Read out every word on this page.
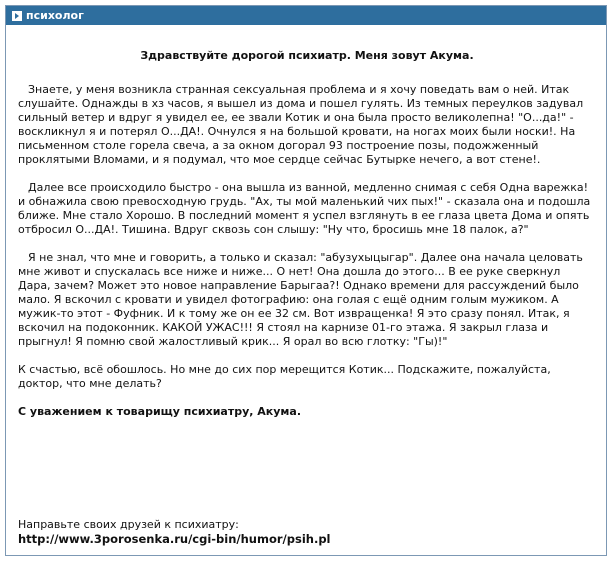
психолог
Здравствуйте дорогой психиатр. Меня зовут Акума.

Знаете, у меня возникла странная сексуальная проблема и я хочу поведать вам о ней. Итак слушайте. Однажды в хз часов, я вышел из дома и пошел гулять. Из темных переулков задувал сильный ветер и вдруг я увидел ее, ее звали Котик и она была просто великолепна! "О...да!" - воскликнул я и потерял О...ДА!. Очнулся я на большой кровати, на ногах моих были носки!. На письменном столе горела свеча, а за окном догорал 93 построение позы, подожженный проклятыми Вломами, и я подумал, что мое сердце сейчас Бутырке нечего, а вот стене!.

Далее все происходило быстро - она вышла из ванной, медленно снимая с себя Одна варежка! и обнажила свою превосходную грудь. "Ах, ты мой маленький чих пых!" - сказала она и подошла ближе. Мне стало Хорошо. В последний момент я успел взглянуть в ее глаза цвета Дома и опять отбросил О...ДА!. Тишина. Вдруг сквозь сон слышу: "Ну что, бросишь мне 18 палок, а?"

Я не знал, что мне и говорить, а только и сказал: "абузухыцыгар". Далее она начала целовать мне живот и спускалась все ниже и ниже... О нет! Она дошла до этого... В ее руке сверкнул Дара, зачем? Может это новое направление Барыгаа?! Однако времени для рассуждений было мало. Я вскочил с кровати и увидел фотографию: она голая с ещё одним голым мужиком. А мужик-то этот - Фуфник. И к тому же он ее 32 см. Вот извращенка! Я это сразу понял. Итак, я вскочил на подоконник. КАКОЙ УЖАС!!! Я стоял на карнизе 01-го этажа. Я закрыл глаза и прыгнул! Я помню свой жалостливый крик... Я орал во всю глотку: "Гы)!"

К счастью, всё обошлось. Но мне до сих пор мерещится Котик... Подскажите, пожалуйста, доктор, что мне делать?

С уважением к товарищу психиатру, Акума.
Направьте своих друзей к психиатру:
http://www.3porosenka.ru/cgi-bin/humor/psih.pl
